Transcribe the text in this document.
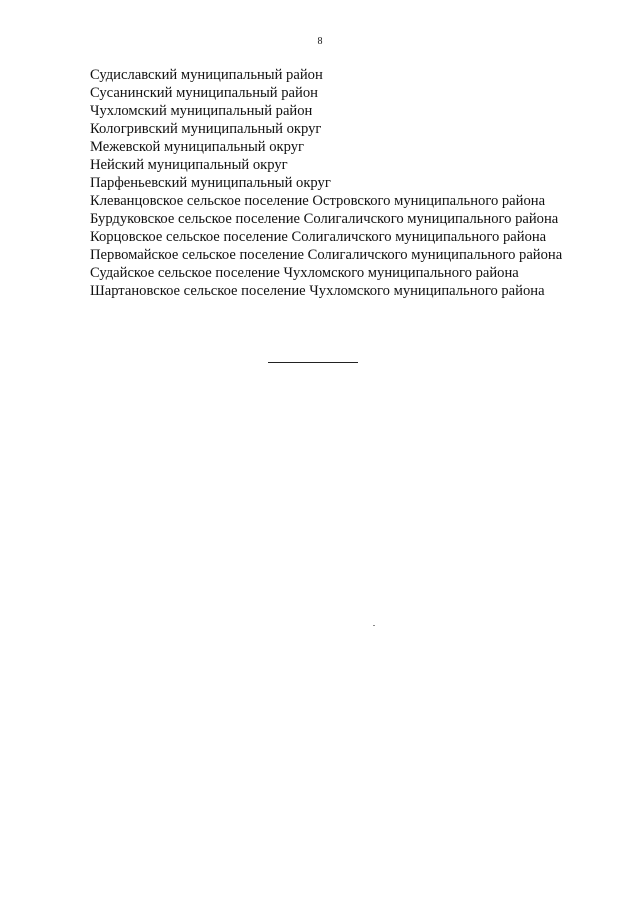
8
Судиславский муниципальный район
Сусанинский муниципальный район
Чухломский муниципальный район
Кологривский муниципальный округ
Межевской муниципальный округ
Нейский муниципальный округ
Парфеньевский муниципальный округ
Клеванцовское сельское поселение Островского муниципального района
Бурдуковское сельское поселение Солигаличского муниципального района
Корцовское сельское поселение Солигаличского муниципального района
Первомайское сельское поселение Солигаличского муниципального района
Судайское сельское поселение Чухломского муниципального района
Шартановское сельское поселение Чухломского муниципального района
